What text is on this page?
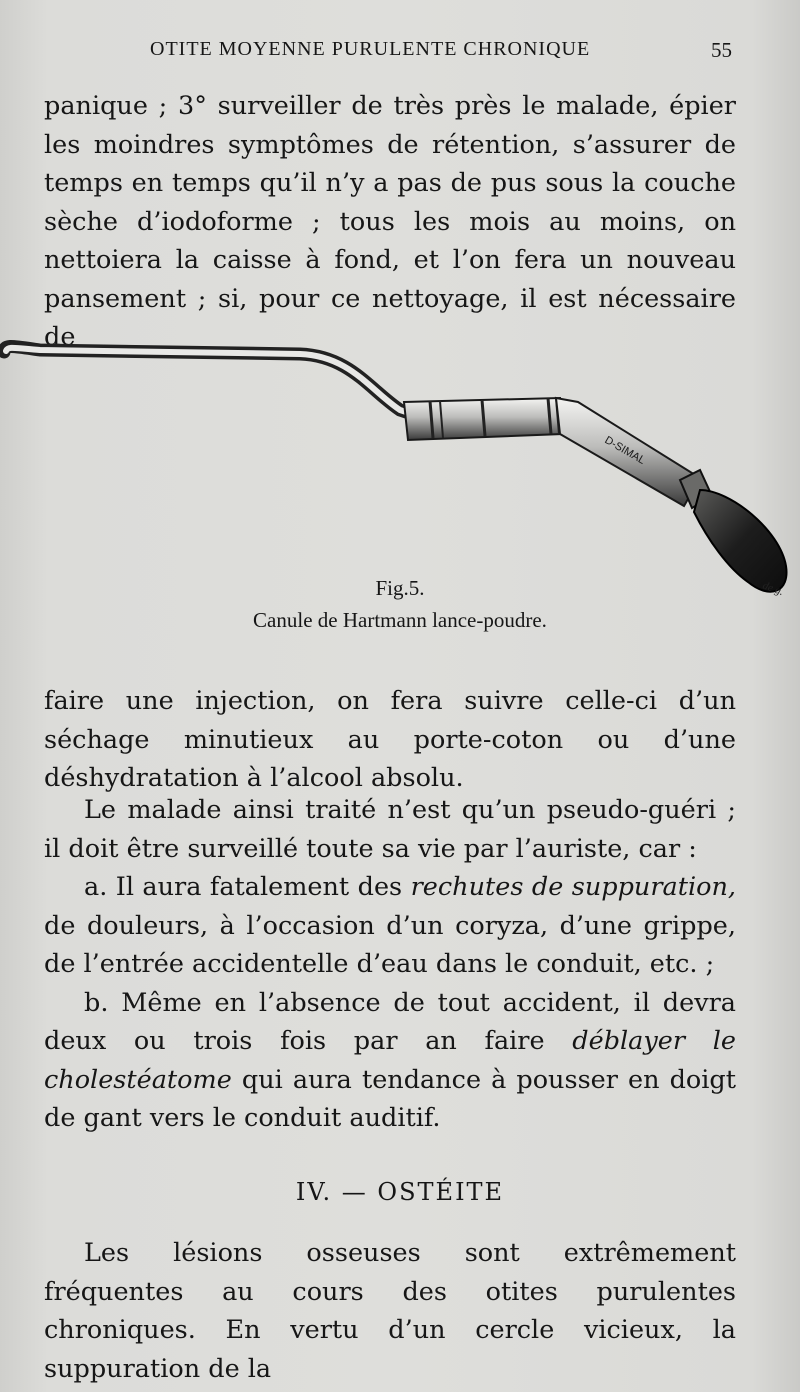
OTITE MOYENNE PURULENTE CHRONIQUE	55

panique ; 3° surveiller de très près le malade, épier les moindres symptômes de rétention, s’assurer de temps en temps qu’il n’y a pas de pus sous la couche sèche d’iodoforme ; tous les mois au moins, on nettoiera la caisse à fond, et l’on fera un nouveau pansement ; si, pour ce nettoyage, il est nécessaire de

D-SIMAL
de g.
Fig.5.
Canule de Hartmann lance-poudre.

faire une injection, on fera suivre celle-ci d’un séchage minutieux au porte-coton ou d’une déshydratation à l’alcool absolu.

Le malade ainsi traité n’est qu’un pseudo-guéri ; il doit être surveillé toute sa vie par l’auriste, car :
a. Il aura fatalement des rechutes de suppuration, de douleurs, à l’occasion d’un coryza, d’une grippe, de l’entrée accidentelle d’eau dans le conduit, etc. ;
b. Même en l’absence de tout accident, il devra deux ou trois fois par an faire déblayer le cholestéatome qui aura tendance à pousser en doigt de gant vers le conduit auditif.

IV. — OSTÉITE

Les lésions osseuses sont extrêmement fréquentes au cours des otites purulentes chroniques. En vertu d’un cercle vicieux, la suppuration de la
